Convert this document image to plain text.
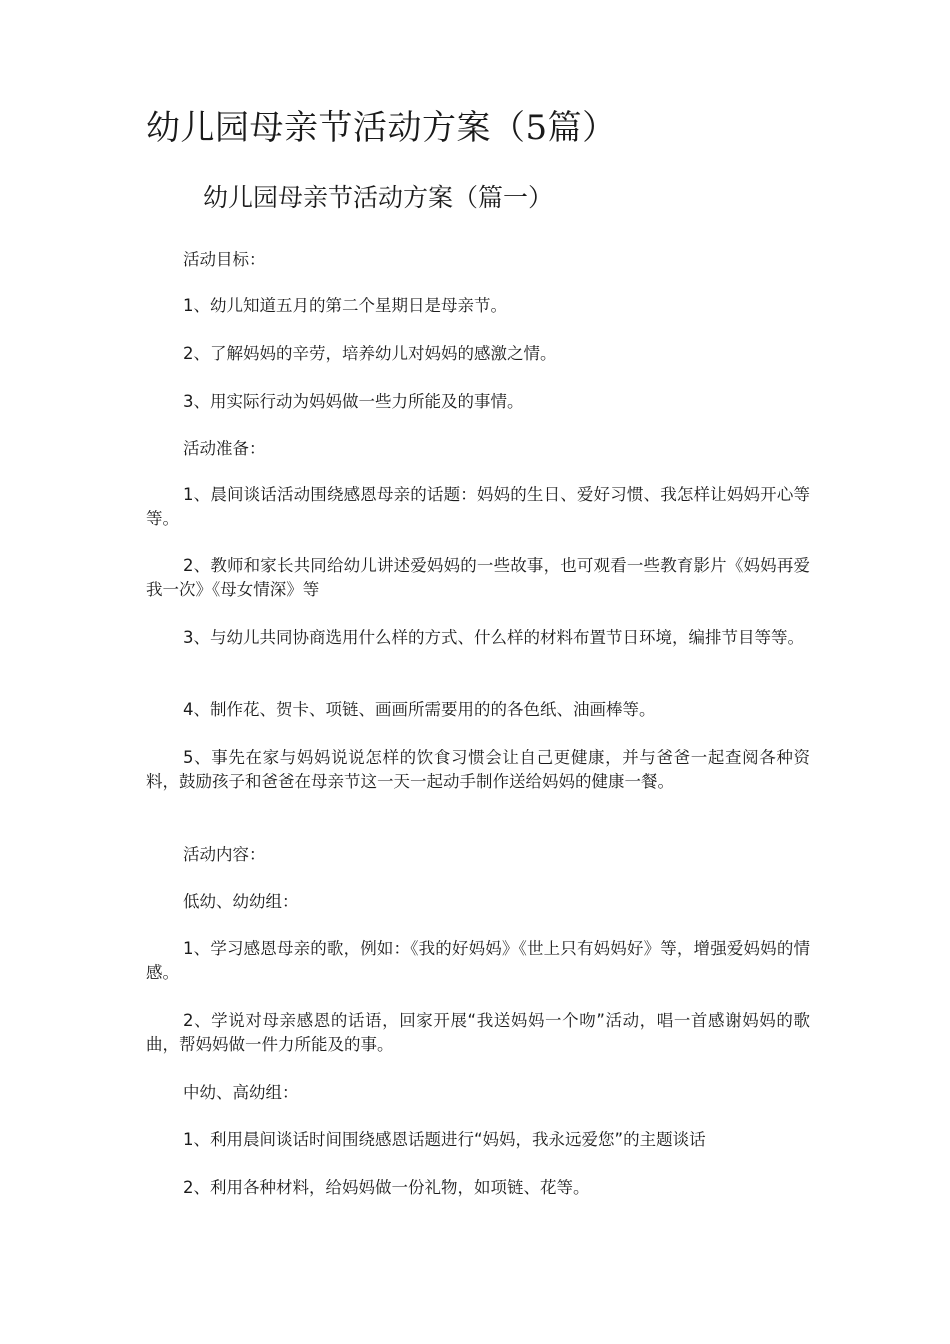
幼儿园母亲节活动方案（5篇）
幼儿园母亲节活动方案（篇一）

活动目标：

1、幼儿知道五月的第二个星期日是母亲节。

2、了解妈妈的辛劳，培养幼儿对妈妈的感激之情。

3、用实际行动为妈妈做一些力所能及的事情。

活动准备：

1、晨间谈话活动围绕感恩母亲的话题：妈妈的生日、爱好习惯、我怎样让妈妈开心等等。

2、教师和家长共同给幼儿讲述爱妈妈的一些故事，也可观看一些教育影片《妈妈再爱我一次》《母女情深》等

3、与幼儿共同协商选用什么样的方式、什么样的材料布置节日环境，编排节目等等。

4、制作花、贺卡、项链、画画所需要用的的各色纸、油画棒等。

5、事先在家与妈妈说说怎样的饮食习惯会让自己更健康，并与爸爸一起查阅各种资料，鼓励孩子和爸爸在母亲节这一天一起动手制作送给妈妈的健康一餐。

活动内容：

低幼、幼幼组：

1、学习感恩母亲的歌，例如：《我的好妈妈》《世上只有妈妈好》等，增强爱妈妈的情感。

2、学说对母亲感恩的话语，回家开展“我送妈妈一个吻”活动，唱一首感谢妈妈的歌曲，帮妈妈做一件力所能及的事。

中幼、高幼组：

1、利用晨间谈话时间围绕感恩话题进行“妈妈，我永远爱您”的主题谈话

2、利用各种材料，给妈妈做一份礼物，如项链、花等。
